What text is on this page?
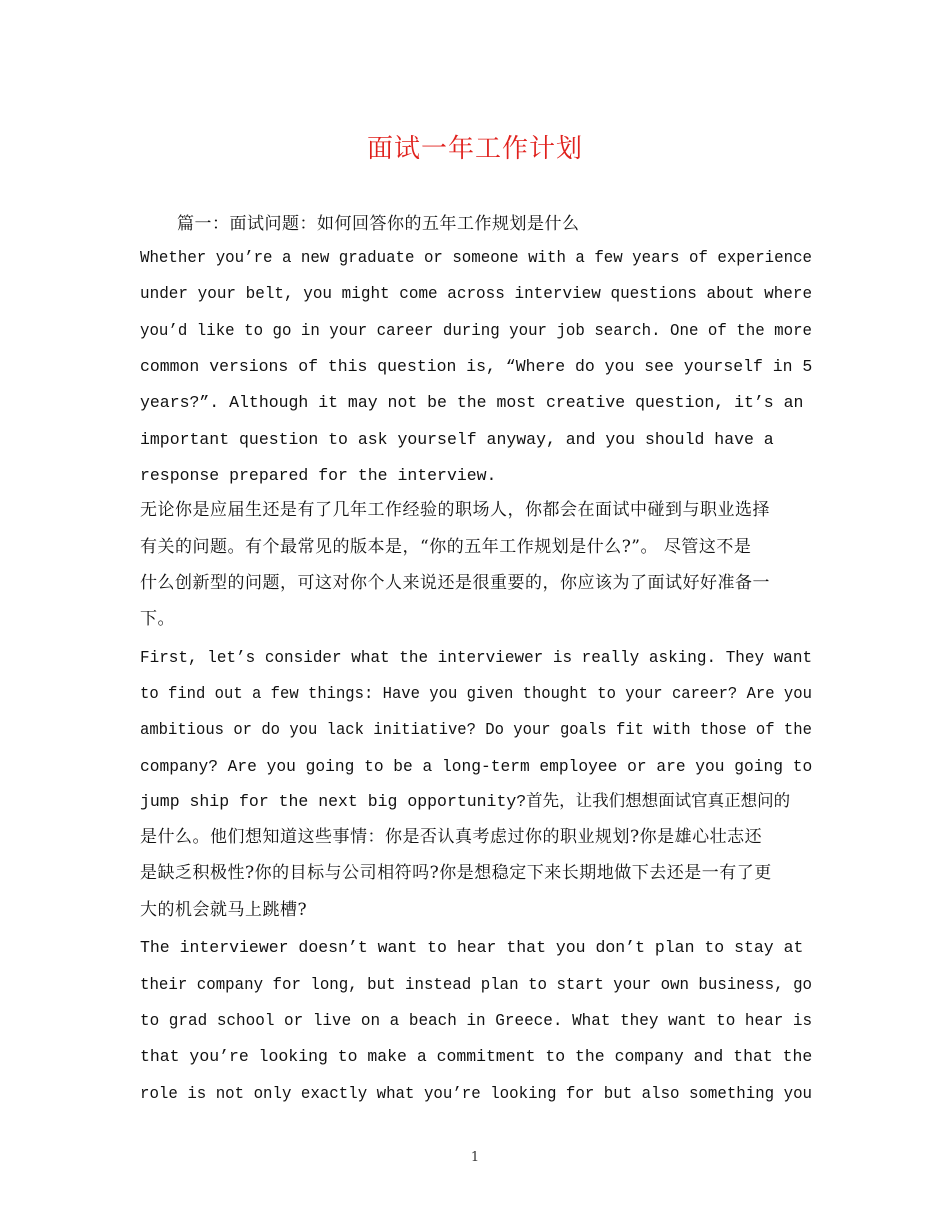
面试一年工作计划
篇一：面试问题：如何回答你的五年工作规划是什么

Whether you’re a new graduate or someone with a few years of experience

under your belt, you might come across interview questions about where

you’d like to go in your career during your job search. One of the more

common versions of this question is, “Where do you see yourself in 5

years?”. Although it may not be the most creative question, it’s an

important question to ask yourself anyway, and you should have a

response prepared for the interview.

无论你是应届生还是有了几年工作经验的职场人，你都会在面试中碰到与职业选择

有关的问题。有个最常见的版本是，“你的五年工作规划是什么?”。 尽管这不是

什么创新型的问题，可这对你个人来说还是很重要的，你应该为了面试好好准备一

下。

First, let’s consider what the interviewer is really asking. They want

to find out a few things: Have you given thought to your career? Are you

ambitious or do you lack initiative? Do your goals fit with those of the

company? Are you going to be a long-term employee or are you going to

jump ship for the next big opportunity?首先，让我们想想面试官真正想问的

是什么。他们想知道这些事情：你是否认真考虑过你的职业规划?你是雄心壮志还

是缺乏积极性?你的目标与公司相符吗?你是想稳定下来长期地做下去还是一有了更

大的机会就马上跳槽?

The interviewer doesn’t want to hear that you don’t plan to stay at

their company for long, but instead plan to start your own business, go

to grad school or live on a beach in Greece. What they want to hear is

that you’re looking to make a commitment to the company and that the

role is not only exactly what you’re looking for but also something you

1
